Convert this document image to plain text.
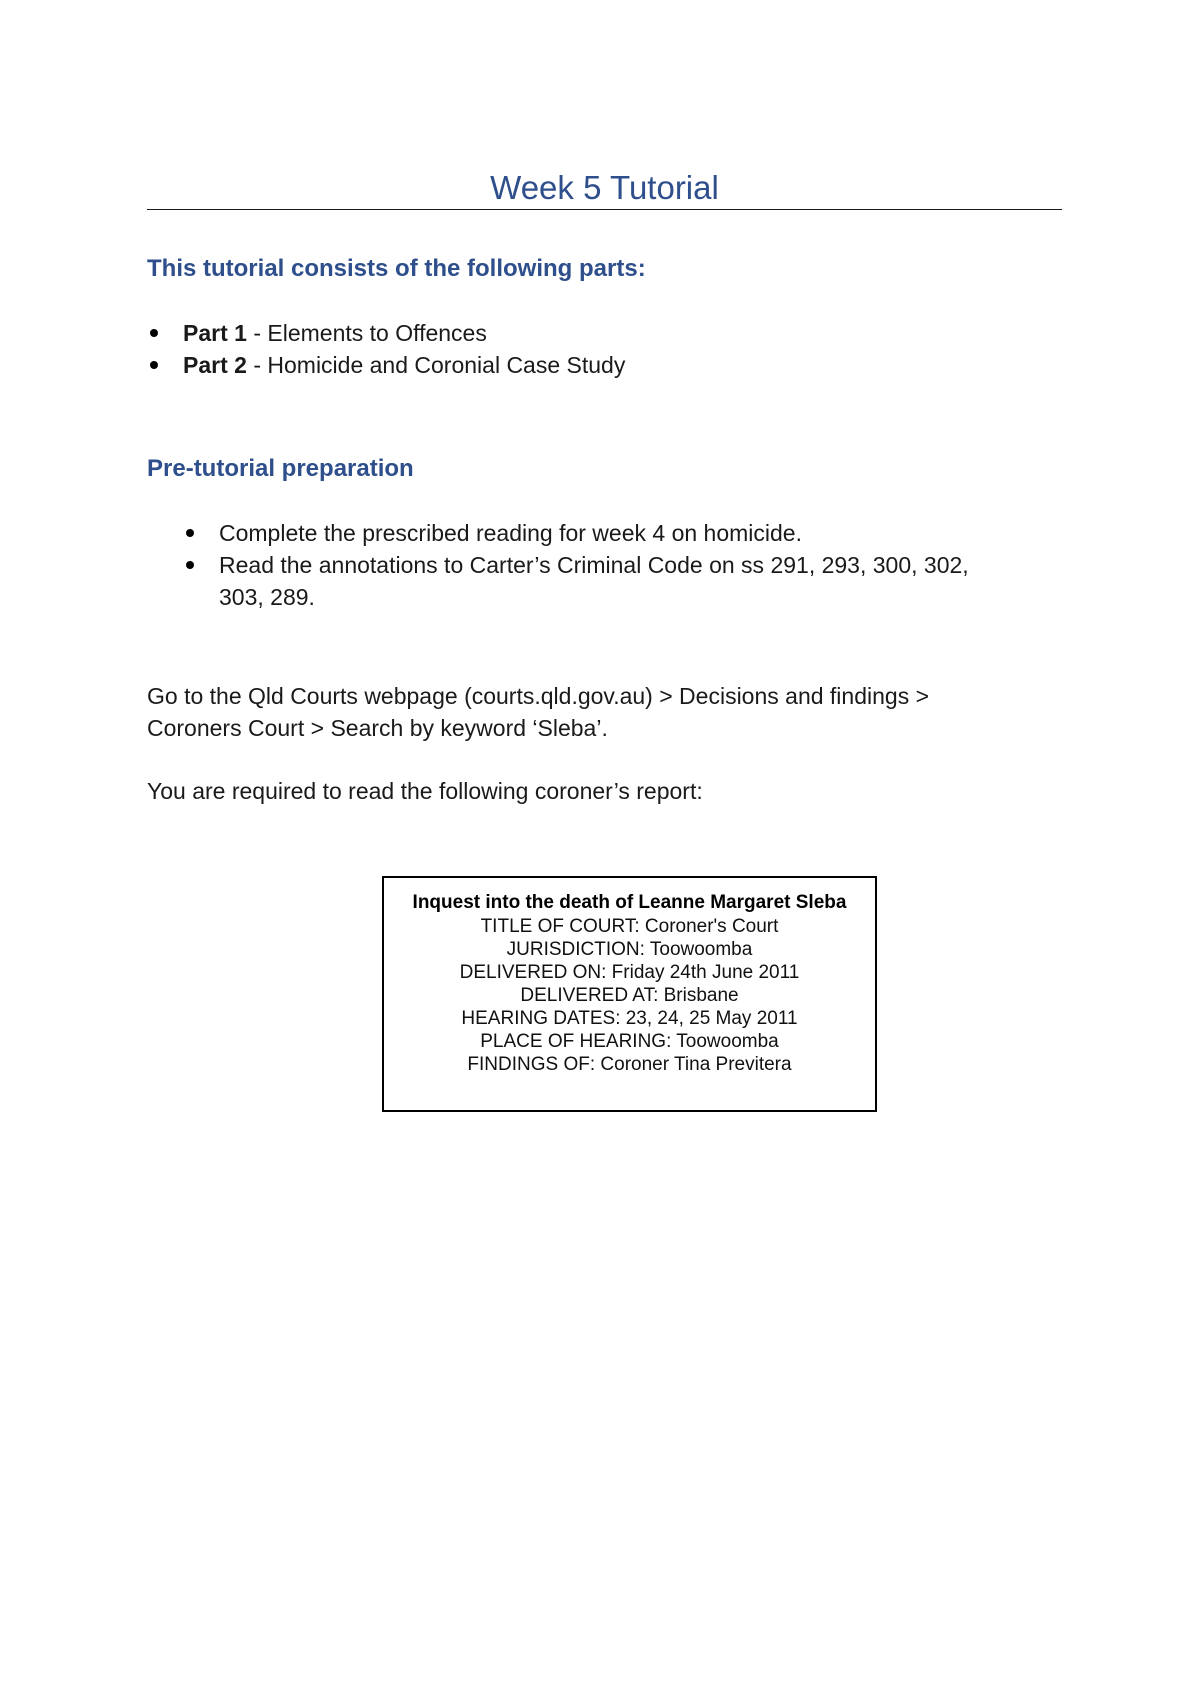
Week 5 Tutorial
This tutorial consists of the following parts:
Part 1 - Elements to Offences
Part 2 - Homicide and Coronial Case Study
Pre-tutorial preparation
Complete the prescribed reading for week 4 on homicide.
Read the annotations to Carter’s Criminal Code on ss 291, 293, 300, 302,
303, 289.
Go to the Qld Courts webpage (courts.qld.gov.au) > Decisions and findings >
Coroners Court > Search by keyword ‘Sleba’.
You are required to read the following coroner’s report:
Inquest into the death of Leanne Margaret Sleba
TITLE OF COURT: Coroner's Court
JURISDICTION: Toowoomba
DELIVERED ON: Friday 24th June 2011
DELIVERED AT: Brisbane
HEARING DATES: 23, 24, 25 May 2011
PLACE OF HEARING: Toowoomba
FINDINGS OF: Coroner Tina Previtera
